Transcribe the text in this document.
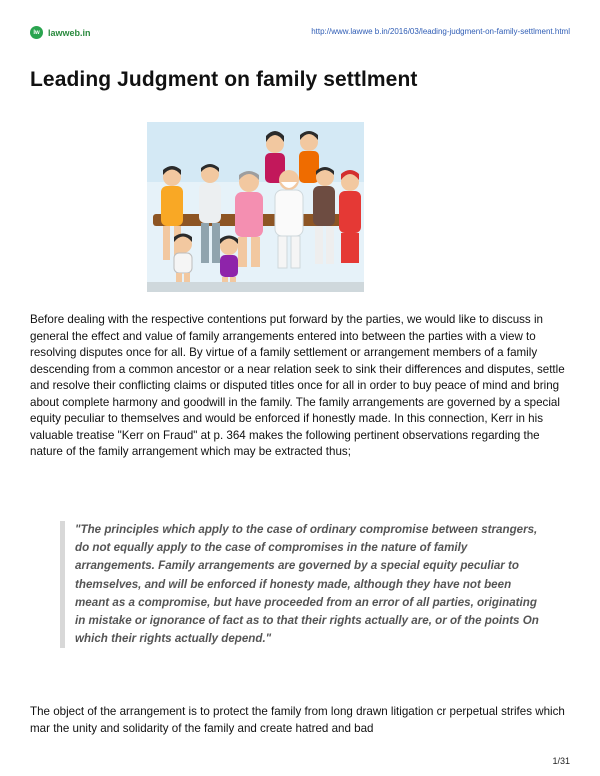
lw lawweb.in	http://www.lawwe b.in/2016/03/leading-judgment-on-family-settlment.html
Leading Judgment on family settlment

Before dealing with the respective contentions put forward by the parties, we would like to discuss in general the effect and value of family arrangements entered into between the parties with a view to resolving disputes once for all. By virtue of a family settlement or arrangement members of a family descending from a common ancestor or a near relation seek to sink their differences and disputes, settle and resolve their conflicting claims or disputed titles once for all in order to buy peace of mind and bring about complete harmony and goodwill in the family. The family arrangements are governed by a special equity peculiar to themselves and would be enforced if honestly made. In this connection, Kerr in his valuable treatise "Kerr on Fraud" at p. 364 makes the following pertinent observations regarding the nature of the family arrangement which may be extracted thus;

"The principles which apply to the case of ordinary compromise between strangers, do not equally apply to the case of compromises in the nature of family arrangements. Family arrangements are governed by a special equity peculiar to themselves, and will be enforced if honesty made, although they have not been meant as a compromise, but have proceeded from an error of all parties, originating in mistake or ignorance of fact as to that their rights actually are, or of the points On which their rights actually depend."

The object of the arrangement is to protect the family from long drawn litigation cr perpetual strifes which mar the unity and solidarity of the family and create hatred and bad

1/31
